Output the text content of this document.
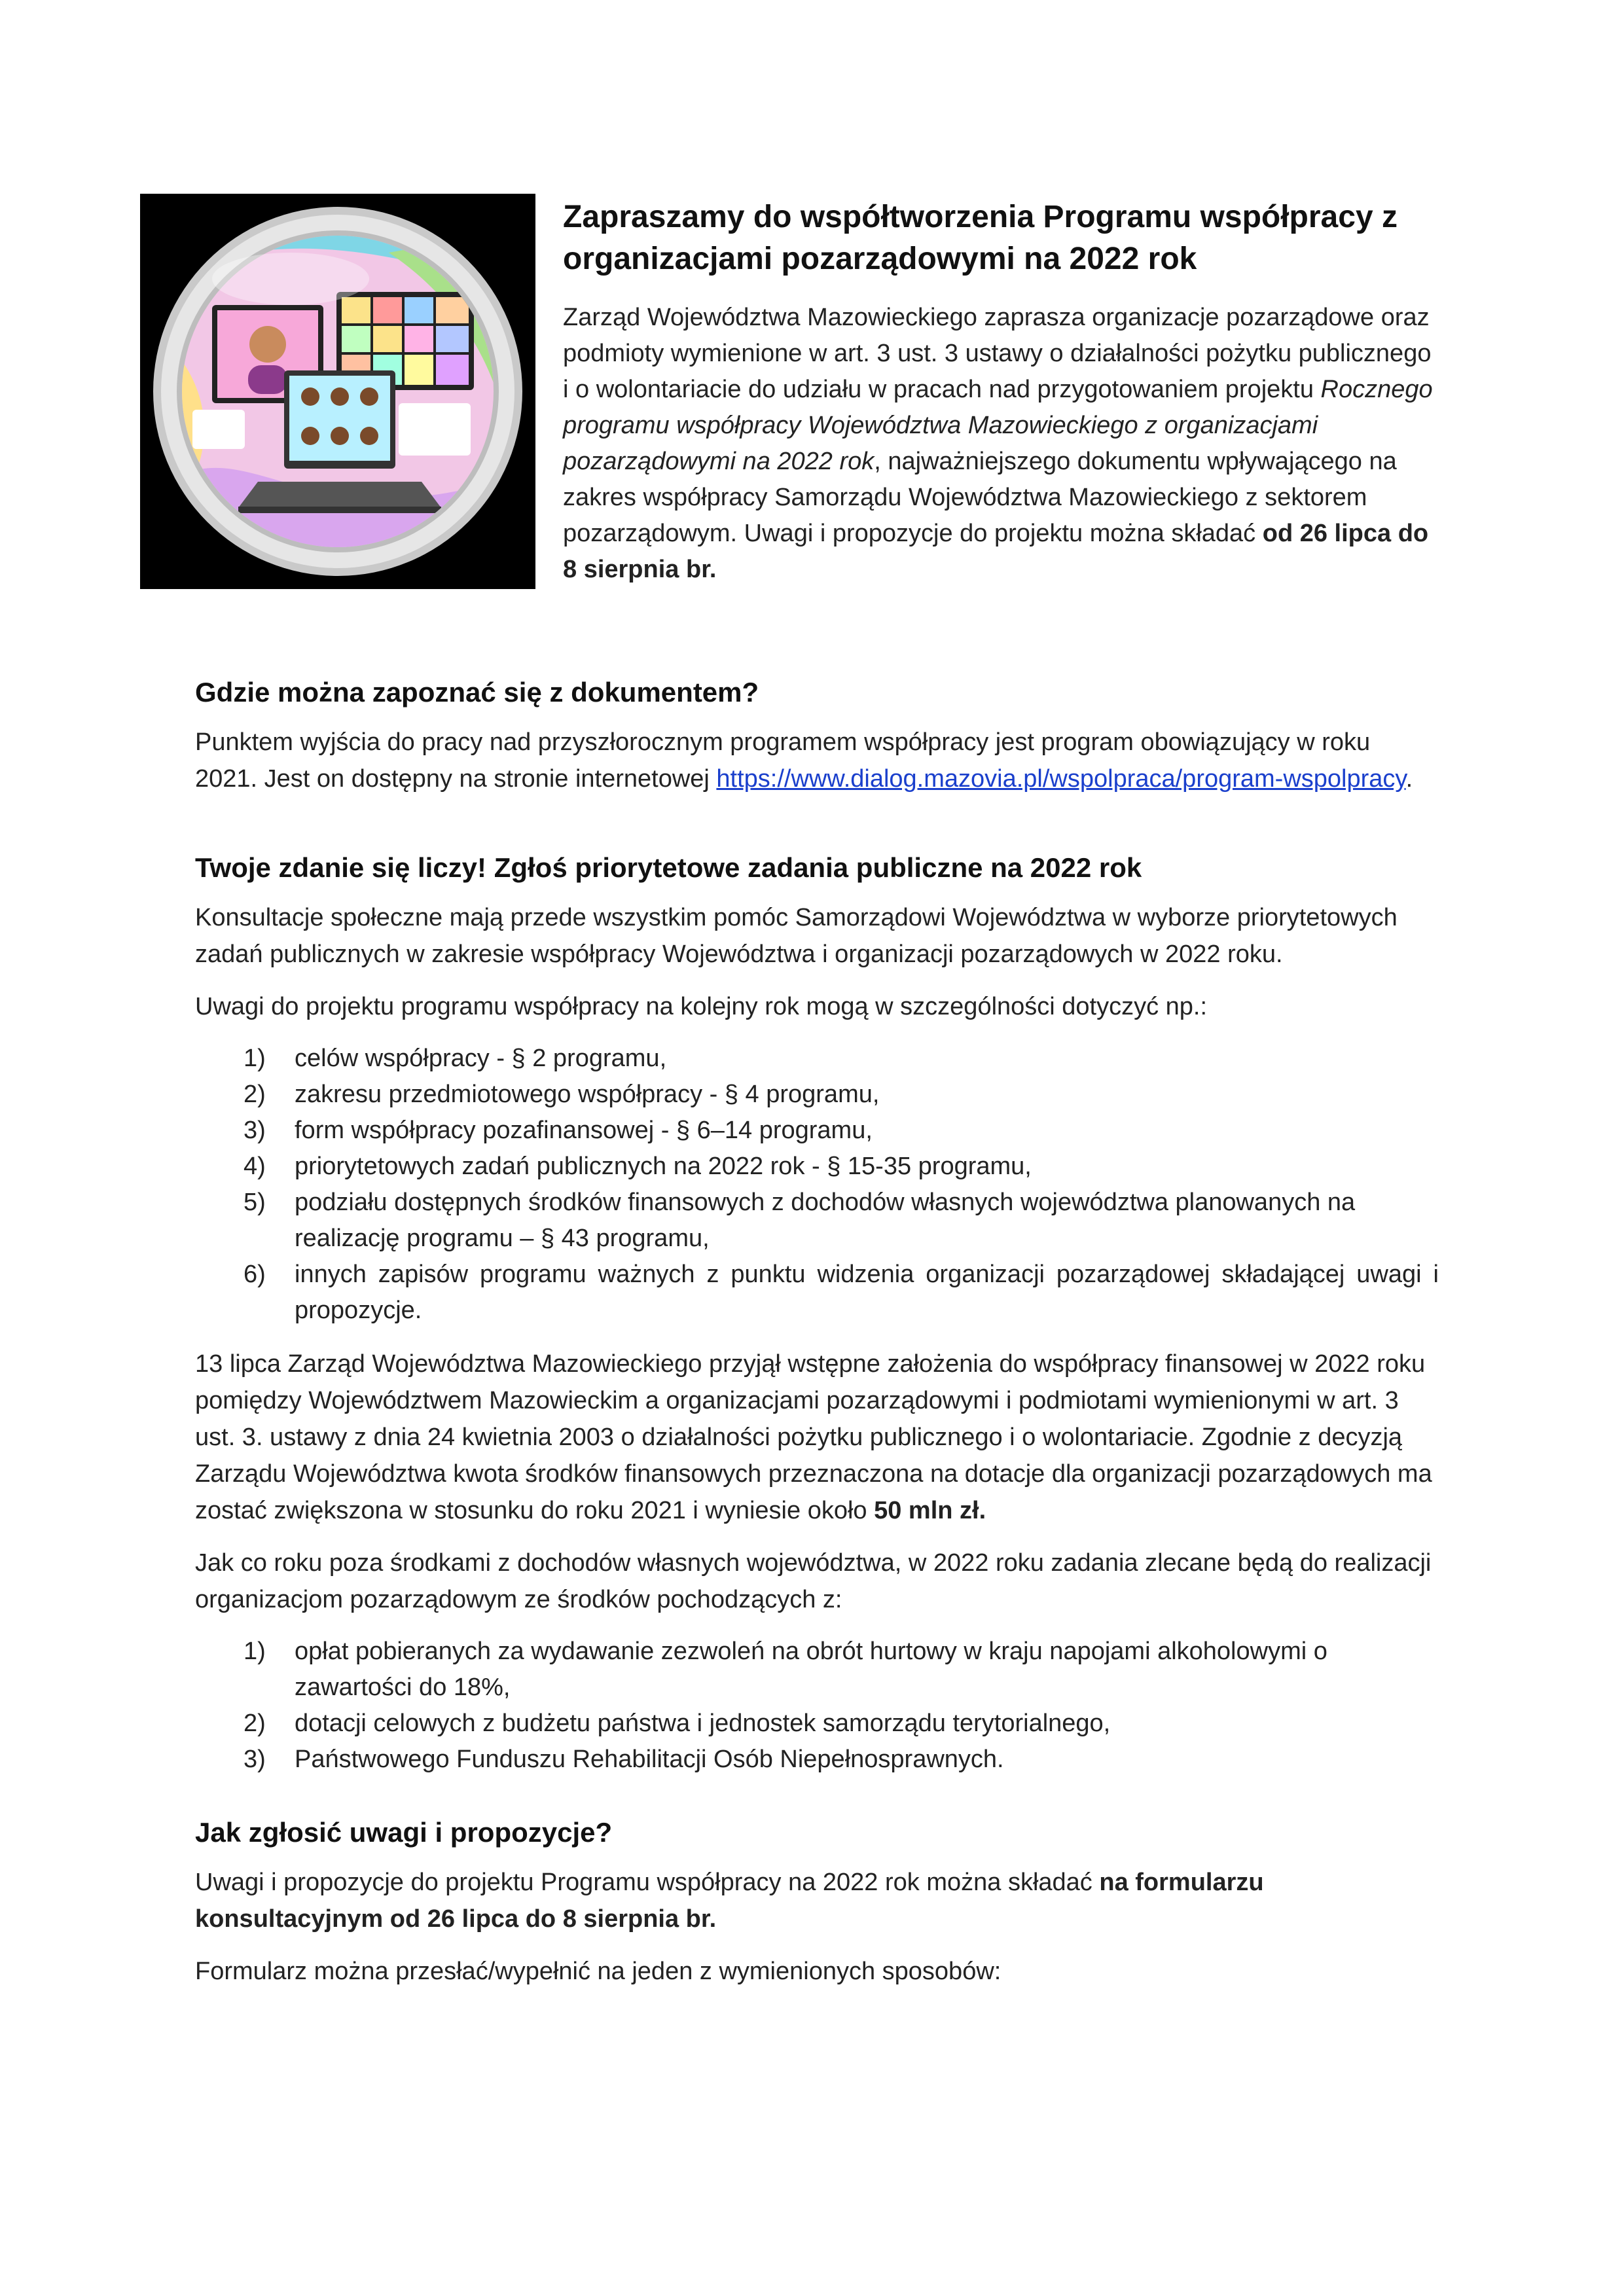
Zapraszamy do współtworzenia Programu współpracy z organizacjami pozarządowymi na 2022 rok

Zarząd Województwa Mazowieckiego zaprasza organizacje pozarządowe oraz podmioty wymienione w art. 3 ust. 3 ustawy o działalności pożytku publicznego i o wolontariacie do udziału w pracach nad przygotowaniem projektu Rocznego programu współpracy Województwa Mazowieckiego z organizacjami pozarządowymi na 2022 rok, najważniejszego dokumentu wpływającego na zakres współpracy Samorządu Województwa Mazowieckiego z sektorem pozarządowym. Uwagi i propozycje do projektu można składać od 26 lipca do 8 sierpnia br.

Gdzie można zapoznać się z dokumentem?

Punktem wyjścia do pracy nad przyszłorocznym programem współpracy jest program obowiązujący w roku 2021. Jest on dostępny na stronie internetowej https://www.dialog.mazovia.pl/wspolpraca/program-wspolpracy.

Twoje zdanie się liczy! Zgłoś priorytetowe zadania publiczne na 2022 rok

Konsultacje społeczne mają przede wszystkim pomóc Samorządowi Województwa w wyborze priorytetowych zadań publicznych w zakresie współpracy Województwa i organizacji pozarządowych w 2022 roku.

Uwagi do projektu programu współpracy na kolejny rok mogą w szczególności dotyczyć np.:

1) celów współpracy - § 2 programu,
2) zakresu przedmiotowego współpracy - § 4 programu,
3) form współpracy pozafinansowej - § 6–14 programu,
4) priorytetowych zadań publicznych na 2022 rok - § 15-35 programu,
5) podziału dostępnych środków finansowych z dochodów własnych województwa planowanych na realizację programu – § 43 programu,
6) innych zapisów programu ważnych z punktu widzenia organizacji pozarządowej składającej uwagi i propozycje.

13 lipca Zarząd Województwa Mazowieckiego przyjął wstępne założenia do współpracy finansowej w 2022 roku pomiędzy Województwem Mazowieckim a organizacjami pozarządowymi i podmiotami wymienionymi w art. 3 ust. 3. ustawy z dnia 24 kwietnia 2003 o działalności pożytku publicznego i o wolontariacie. Zgodnie z decyzją Zarządu Województwa kwota środków finansowych przeznaczona na dotacje dla organizacji pozarządowych ma zostać zwiększona w stosunku do roku 2021 i wyniesie około 50 mln zł.

Jak co roku poza środkami z dochodów własnych województwa, w 2022 roku zadania zlecane będą do realizacji organizacjom pozarządowym ze środków pochodzących z:

1) opłat pobieranych za wydawanie zezwoleń na obrót hurtowy w kraju napojami alkoholowymi o zawartości do 18%,
2) dotacji celowych z budżetu państwa i jednostek samorządu terytorialnego,
3) Państwowego Funduszu Rehabilitacji Osób Niepełnosprawnych.
Jak zgłosić uwagi i propozycje?

Uwagi i propozycje do projektu Programu współpracy na 2022 rok można składać na formularzu konsultacyjnym od 26 lipca do 8 sierpnia br.

Formularz można przesłać/wypełnić na jeden z wymienionych sposobów:
